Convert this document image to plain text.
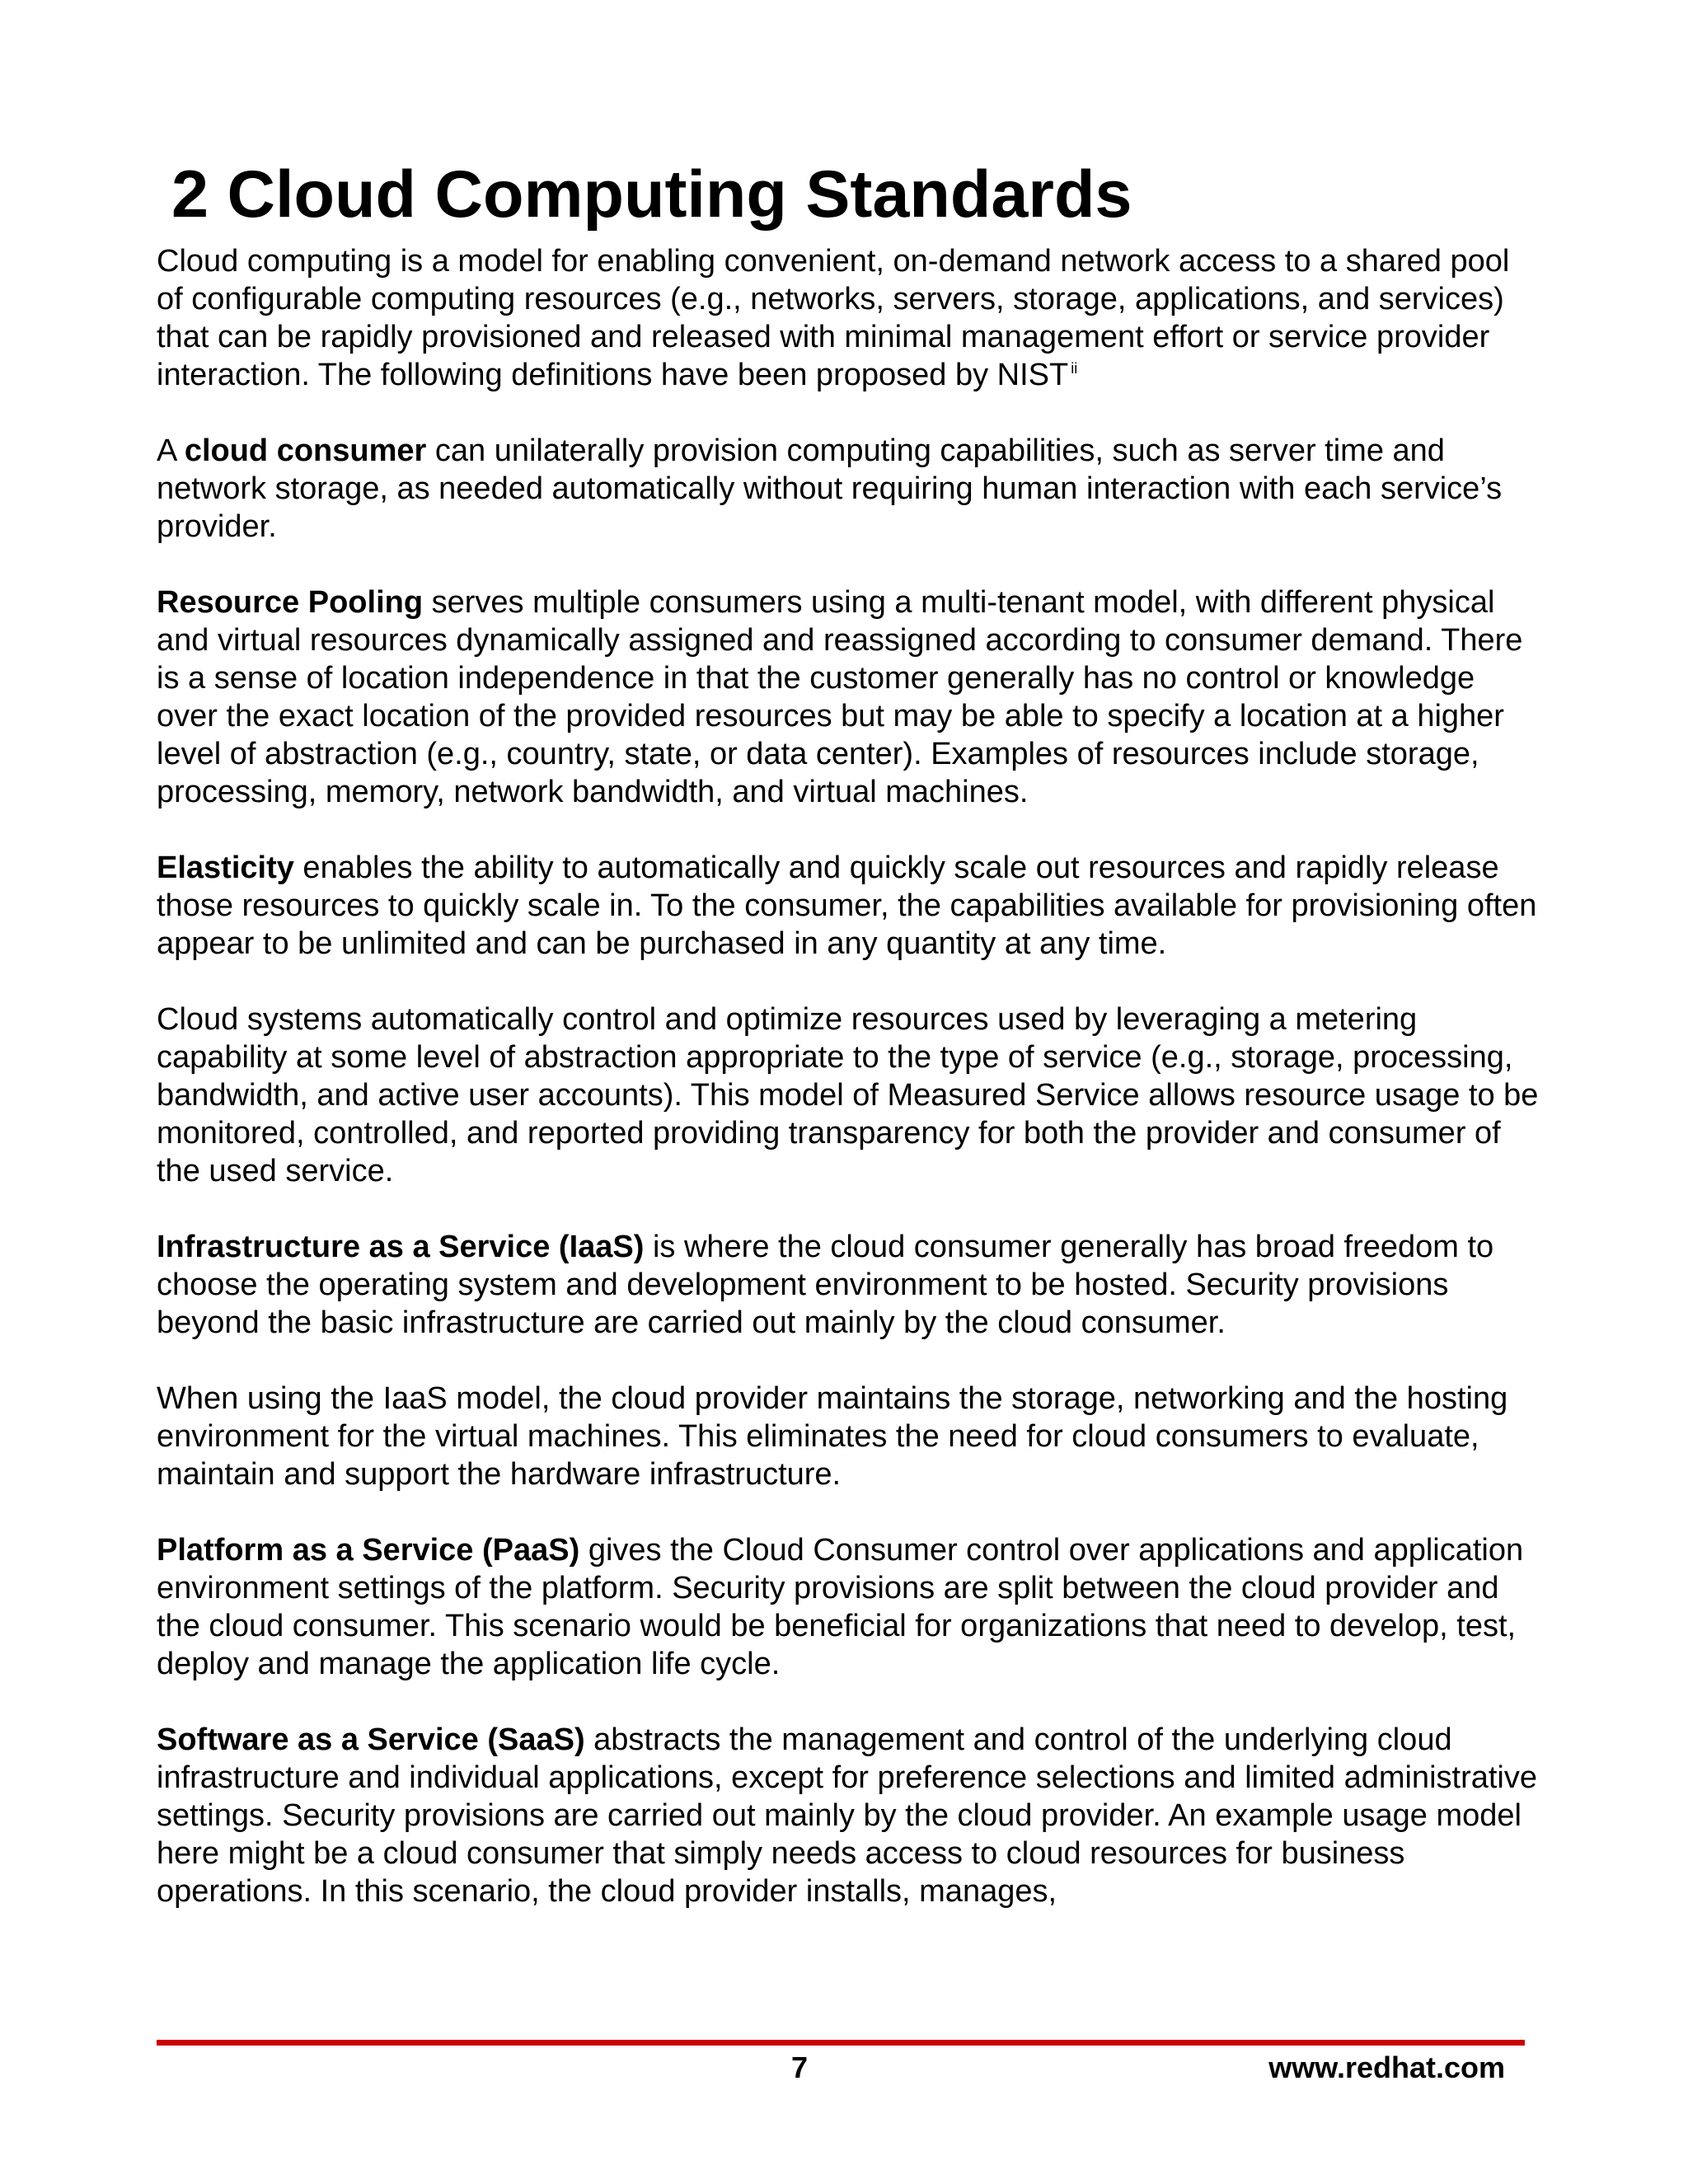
2 Cloud Computing Standards

Cloud computing is a model for enabling convenient, on-demand network access to a shared pool of configurable computing resources (e.g., networks, servers, storage, applications, and services) that can be rapidly provisioned and released with minimal management effort or service provider interaction. The following definitions have been proposed by NIST $^{ii}$

A cloud consumer can unilaterally provision computing capabilities, such as server time and network storage, as needed automatically without requiring human interaction with each service’s provider.

Resource Pooling serves multiple consumers using a multi-tenant model, with different physical and virtual resources dynamically assigned and reassigned according to consumer demand. There is a sense of location independence in that the customer generally has no control or knowledge over the exact location of the provided resources but may be able to specify a location at a higher level of abstraction (e.g., country, state, or data center). Examples of resources include storage, processing, memory, network bandwidth, and virtual machines.

Elasticity enables the ability to automatically and quickly scale out resources and rapidly release those resources to quickly scale in. To the consumer, the capabilities available for provisioning often appear to be unlimited and can be purchased in any quantity at any time.

Cloud systems automatically control and optimize resources used by leveraging a metering capability at some level of abstraction appropriate to the type of service (e.g., storage, processing, bandwidth, and active user accounts). This model of Measured Service allows resource usage to be monitored, controlled, and reported providing transparency for both the provider and consumer of the used service.

Infrastructure as a Service (IaaS) is where the cloud consumer generally has broad freedom to choose the operating system and development environment to be hosted. Security provisions beyond the basic infrastructure are carried out mainly by the cloud consumer.

When using the IaaS model, the cloud provider maintains the storage, networking and the hosting environment for the virtual machines. This eliminates the need for cloud consumers to evaluate, maintain and support the hardware infrastructure.

Platform as a Service (PaaS) gives the Cloud Consumer control over applications and application environment settings of the platform. Security provisions are split between the cloud provider and the cloud consumer. This scenario would be beneficial for organizations that need to develop, test, deploy and manage the application life cycle.

Software as a Service (SaaS) abstracts the management and control of the underlying cloud infrastructure and individual applications, except for preference selections and limited administrative settings. Security provisions are carried out mainly by the cloud provider. An example usage model here might be a cloud consumer that simply needs access to cloud resources for business operations. In this scenario, the cloud provider installs, manages,

7	www.redhat.com
